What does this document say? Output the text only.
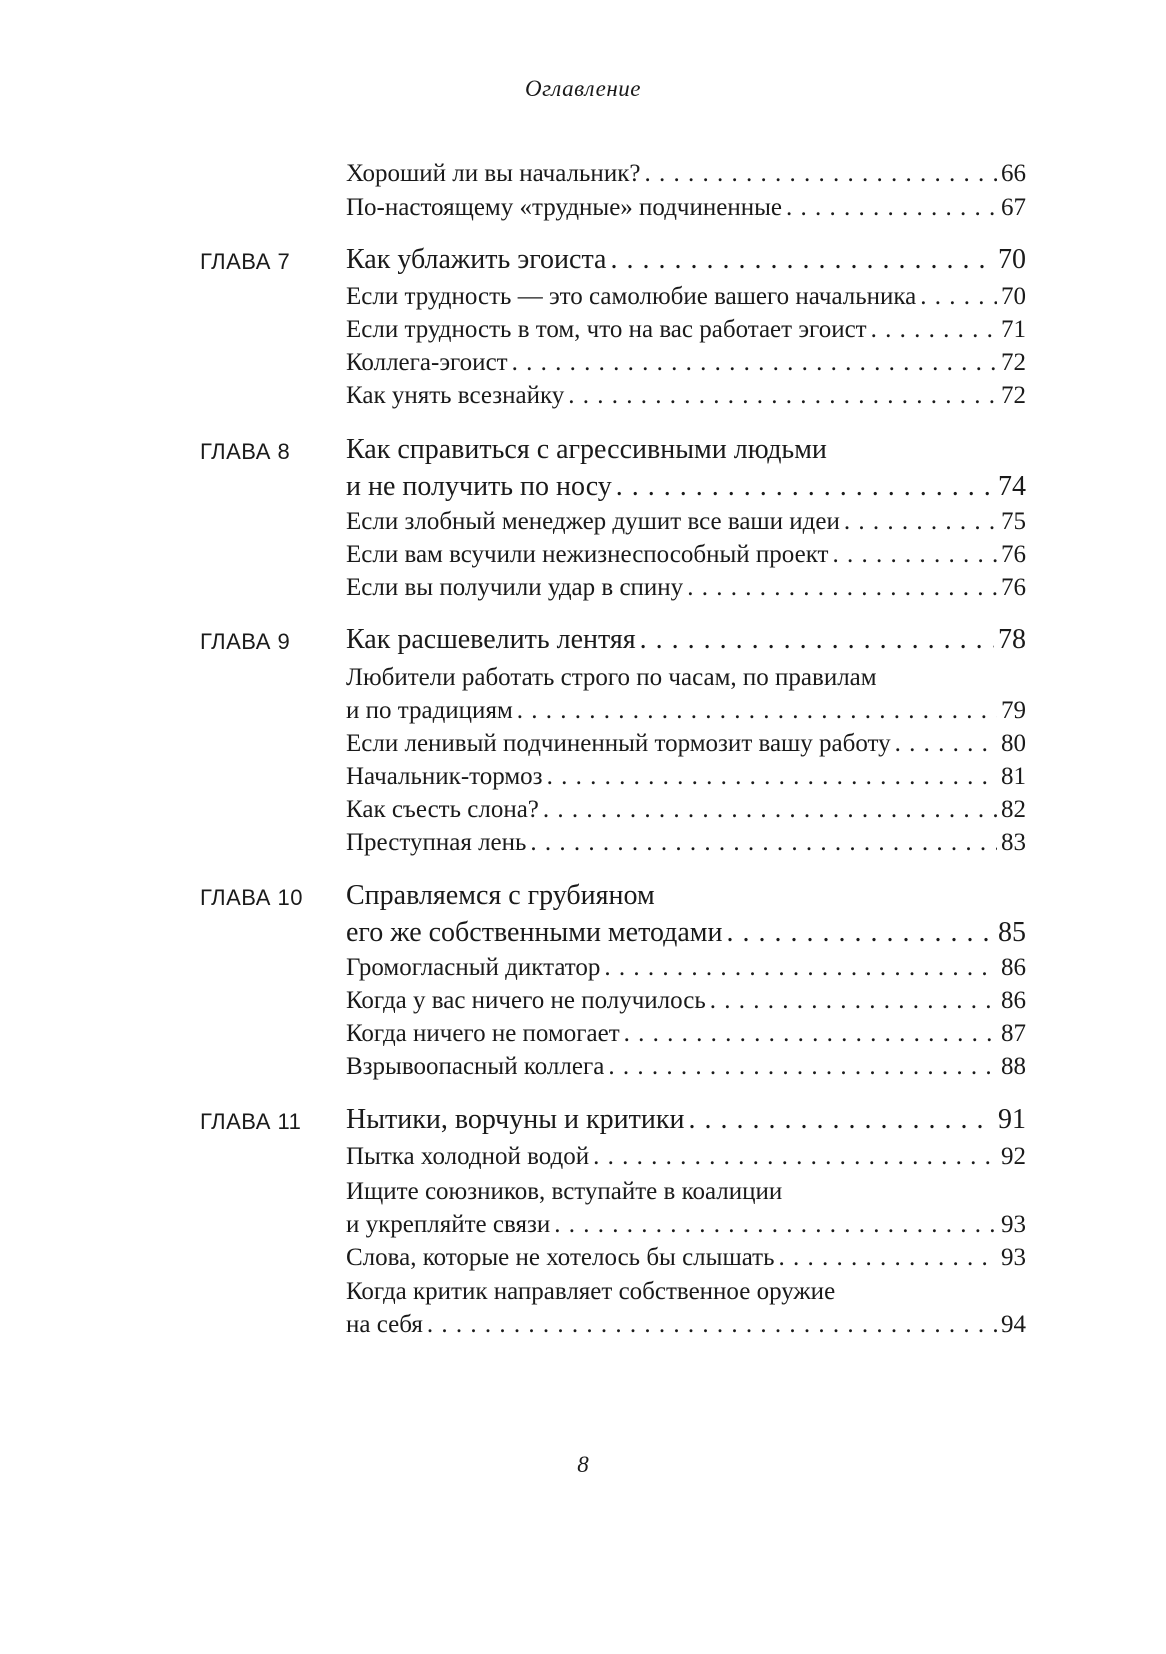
Оглавление
Хороший ли вы начальник? . . .	66
По-настоящему «трудные» подчиненные . . .	67
ГЛАВА 7 Как ублажить эгоиста . . .	70
Если трудность — это самолюбие вашего начальника . . .	70
Если трудность в том, что на вас работает эгоист . . .	71
Коллега-эгоист . . .	72
Как унять всезнайку . . .	72
ГЛАВА 8 Как справиться с агрессивными людьми
и не получить по носу . . .	74
Если злобный менеджер душит все ваши идеи . . .	75
Если вам всучили нежизнеспособный проект . . .	76
Если вы получили удар в спину . . .	76
ГЛАВА 9 Как расшевелить лентяя . . .	78
Любители работать строго по часам, по правилам
и по традициям . . .	79
Если ленивый подчиненный тормозит вашу работу . . .	80
Начальник-тормоз . . .	81
Как съесть слона? . . .	82
Преступная лень . . .	83
ГЛАВА 10 Справляемся с грубияном
его же собственными методами . . .	85
Громогласный диктатор . . .	86
Когда у вас ничего не получилось . . .	86
Когда ничего не помогает . . .	87
Взрывоопасный коллега . . .	88
ГЛАВА 11 Нытики, ворчуны и критики . . .	91
Пытка холодной водой . . .	92
Ищите союзников, вступайте в коалиции
и укрепляйте связи . . .	93
Слова, которые не хотелось бы слышать . . .	93
Когда критик направляет собственное оружие
на себя . . .	94
8
